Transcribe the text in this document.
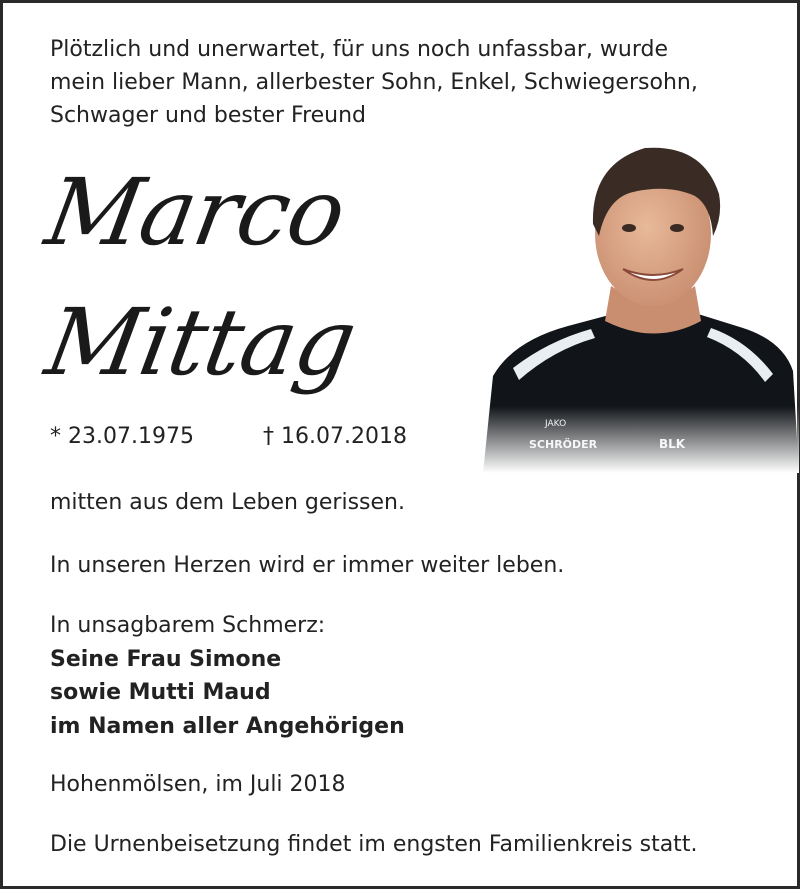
Plötzlich und unerwartet, für uns noch unfassbar, wurde
mein lieber Mann, allerbester Sohn, Enkel, Schwiegersohn,
Schwager und bester Freund
Marco
Mittag
* 23.07.1975	† 16.07.2018
mitten aus dem Leben gerissen.
In unseren Herzen wird er immer weiter leben.
In unsagbarem Schmerz:
Seine Frau Simone
sowie Mutti Maud
im Namen aller Angehörigen
Hohenmölsen, im Juli 2018
Die Urnenbeisetzung findet im engsten Familienkreis statt.
